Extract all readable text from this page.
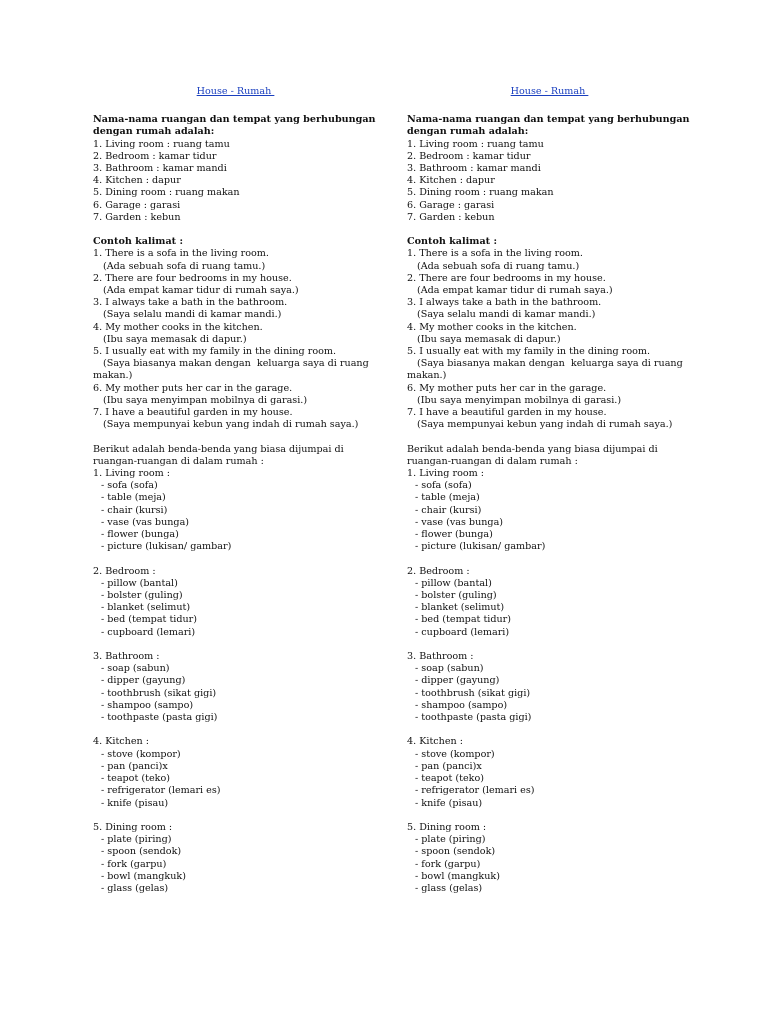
House - Rumah
Nama-nama ruangan dan tempat yang berhubungan
dengan rumah adalah:
1. Living room : ruang tamu
2. Bedroom : kamar tidur
3. Bathroom : kamar mandi
4. Kitchen : dapur
5. Dining room : ruang makan
6. Garage : garasi
7. Garden : kebun
Contoh kalimat :
1. There is a sofa in the living room.
(Ada sebuah sofa di ruang tamu.)
2. There are four bedrooms in my house.
(Ada empat kamar tidur di rumah saya.)
3. I always take a bath in the bathroom.
(Saya selalu mandi di kamar mandi.)
4. My mother cooks in the kitchen.
(Ibu saya memasak di dapur.)
5. I usually eat with my family in the dining room.
(Saya biasanya makan dengan  keluarga saya di ruang
makan.)
6. My mother puts her car in the garage.
(Ibu saya menyimpan mobilnya di garasi.)
7. I have a beautiful garden in my house.
(Saya mempunyai kebun yang indah di rumah saya.)
Berikut adalah benda-benda yang biasa dijumpai di
ruangan-ruangan di dalam rumah :
1. Living room :
- sofa (sofa)
- table (meja)
- chair (kursi)
- vase (vas bunga)
- flower (bunga)
- picture (lukisan/ gambar)
2. Bedroom :
- pillow (bantal)
- bolster (guling)
- blanket (selimut)
- bed (tempat tidur)
- cupboard (lemari)
3. Bathroom :
- soap (sabun)
- dipper (gayung)
- toothbrush (sikat gigi)
- shampoo (sampo)
- toothpaste (pasta gigi)
4. Kitchen :
- stove (kompor)
- pan (panci)x
- teapot (teko)
- refrigerator (lemari es)
- knife (pisau)
5. Dining room :
- plate (piring)
- spoon (sendok)
- fork (garpu)
- bowl (mangkuk)
- glass (gelas)
House - Rumah
Nama-nama ruangan dan tempat yang berhubungan
dengan rumah adalah:
1. Living room : ruang tamu
2. Bedroom : kamar tidur
3. Bathroom : kamar mandi
4. Kitchen : dapur
5. Dining room : ruang makan
6. Garage : garasi
7. Garden : kebun
Contoh kalimat :
1. There is a sofa in the living room.
(Ada sebuah sofa di ruang tamu.)
2. There are four bedrooms in my house.
(Ada empat kamar tidur di rumah saya.)
3. I always take a bath in the bathroom.
(Saya selalu mandi di kamar mandi.)
4. My mother cooks in the kitchen.
(Ibu saya memasak di dapur.)
5. I usually eat with my family in the dining room.
(Saya biasanya makan dengan  keluarga saya di ruang
makan.)
6. My mother puts her car in the garage.
(Ibu saya menyimpan mobilnya di garasi.)
7. I have a beautiful garden in my house.
(Saya mempunyai kebun yang indah di rumah saya.)
Berikut adalah benda-benda yang biasa dijumpai di
ruangan-ruangan di dalam rumah :
1. Living room :
- sofa (sofa)
- table (meja)
- chair (kursi)
- vase (vas bunga)
- flower (bunga)
- picture (lukisan/ gambar)
2. Bedroom :
- pillow (bantal)
- bolster (guling)
- blanket (selimut)
- bed (tempat tidur)
- cupboard (lemari)
3. Bathroom :
- soap (sabun)
- dipper (gayung)
- toothbrush (sikat gigi)
- shampoo (sampo)
- toothpaste (pasta gigi)
4. Kitchen :
- stove (kompor)
- pan (panci)x
- teapot (teko)
- refrigerator (lemari es)
- knife (pisau)
5. Dining room :
- plate (piring)
- spoon (sendok)
- fork (garpu)
- bowl (mangkuk)
- glass (gelas)
